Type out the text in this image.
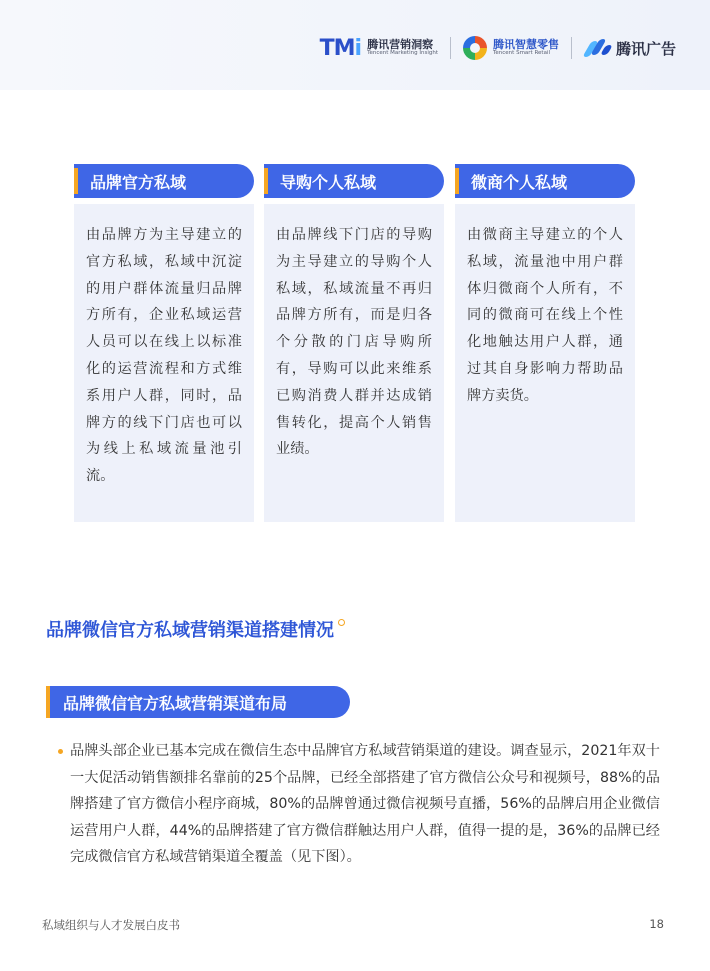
TMi 腾讯营销洞察
Tencent Marketing Insight
腾讯智慧零售
Tencent Smart Retail	腾讯广告
品牌官方私域
由品牌方为主导建立的官方私域，私域中沉淀的用户群体流量归品牌方所有，企业私域运营人员可以在线上以标准化的运营流程和方式维系用户人群，同时，品牌方的线下门店也可以为线上私域流量池引流。
导购个人私域
由品牌线下门店的导购为主导建立的导购个人私域，私域流量不再归品牌方所有，而是归各个分散的门店导购所有，导购可以此来维系已购消费人群并达成销售转化，提高个人销售业绩。
微商个人私域
由微商主导建立的个人私域，流量池中用户群体归微商个人所有，不同的微商可在线上个性化地触达用户人群，通过其自身影响力帮助品牌方卖货。
品牌微信官方私域营销渠道搭建情况
品牌微信官方私域营销渠道布局
品牌头部企业已基本完成在微信生态中品牌官方私域营销渠道的建设。调查显示，2021年双十一大促活动销售额排名靠前的25个品牌，已经全部搭建了官方微信公众号和视频号，88%的品牌搭建了官方微信小程序商城，80%的品牌曾通过微信视频号直播，56%的品牌启用企业微信运营用户人群，44%的品牌搭建了官方微信群触达用户人群，值得一提的是，36%的品牌已经完成微信官方私域营销渠道全覆盖（见下图）。
私域组织与人才发展白皮书	18
